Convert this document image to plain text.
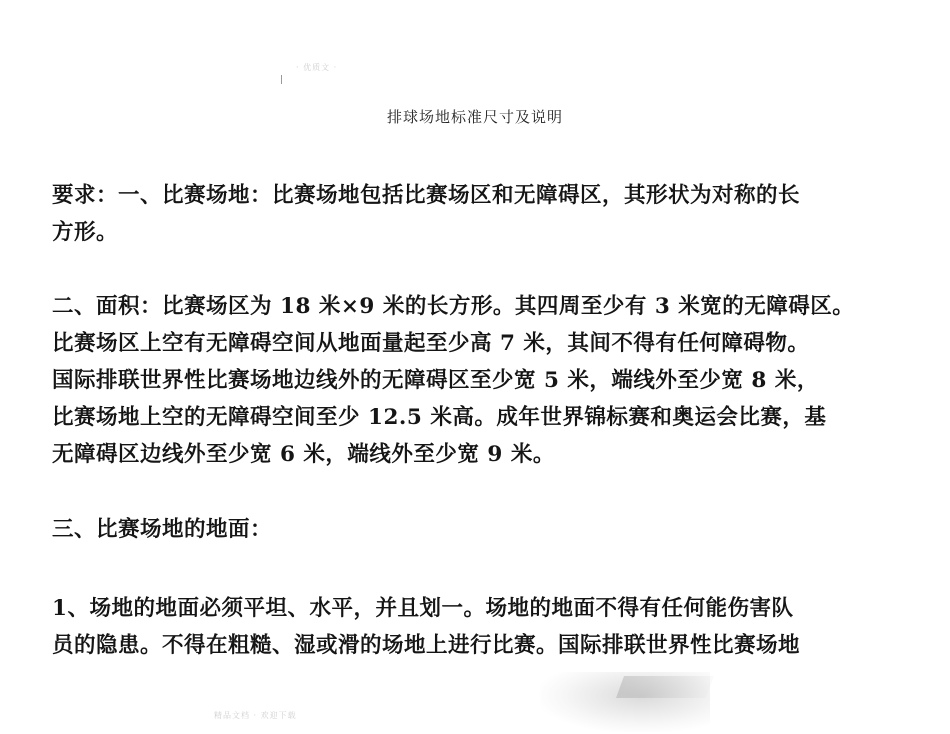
· 优质文 ·
排球场地标准尺寸及说明
要求：一、比赛场地：比赛场地包括比赛场区和无障碍区，其形状为对称的长
方形。
二、面积：比赛场区为 18 米×9 米的长方形。其四周至少有 3 米宽的无障碍区。
比赛场区上空有无障碍空间从地面量起至少高 7 米，其间不得有任何障碍物。
国际排联世界性比赛场地边线外的无障碍区至少宽 5 米，端线外至少宽 8 米，
比赛场地上空的无障碍空间至少 12.5 米高。成年世界锦标赛和奥运会比赛，基
无障碍区边线外至少宽 6 米，端线外至少宽 9 米。
三、比赛场地的地面：
1、场地的地面必须平坦、水平，并且划一。场地的地面不得有任何能伤害队
员的隐患。不得在粗糙、湿或滑的场地上进行比赛。国际排联世界性比赛场地
精品文档 · 欢迎下载
